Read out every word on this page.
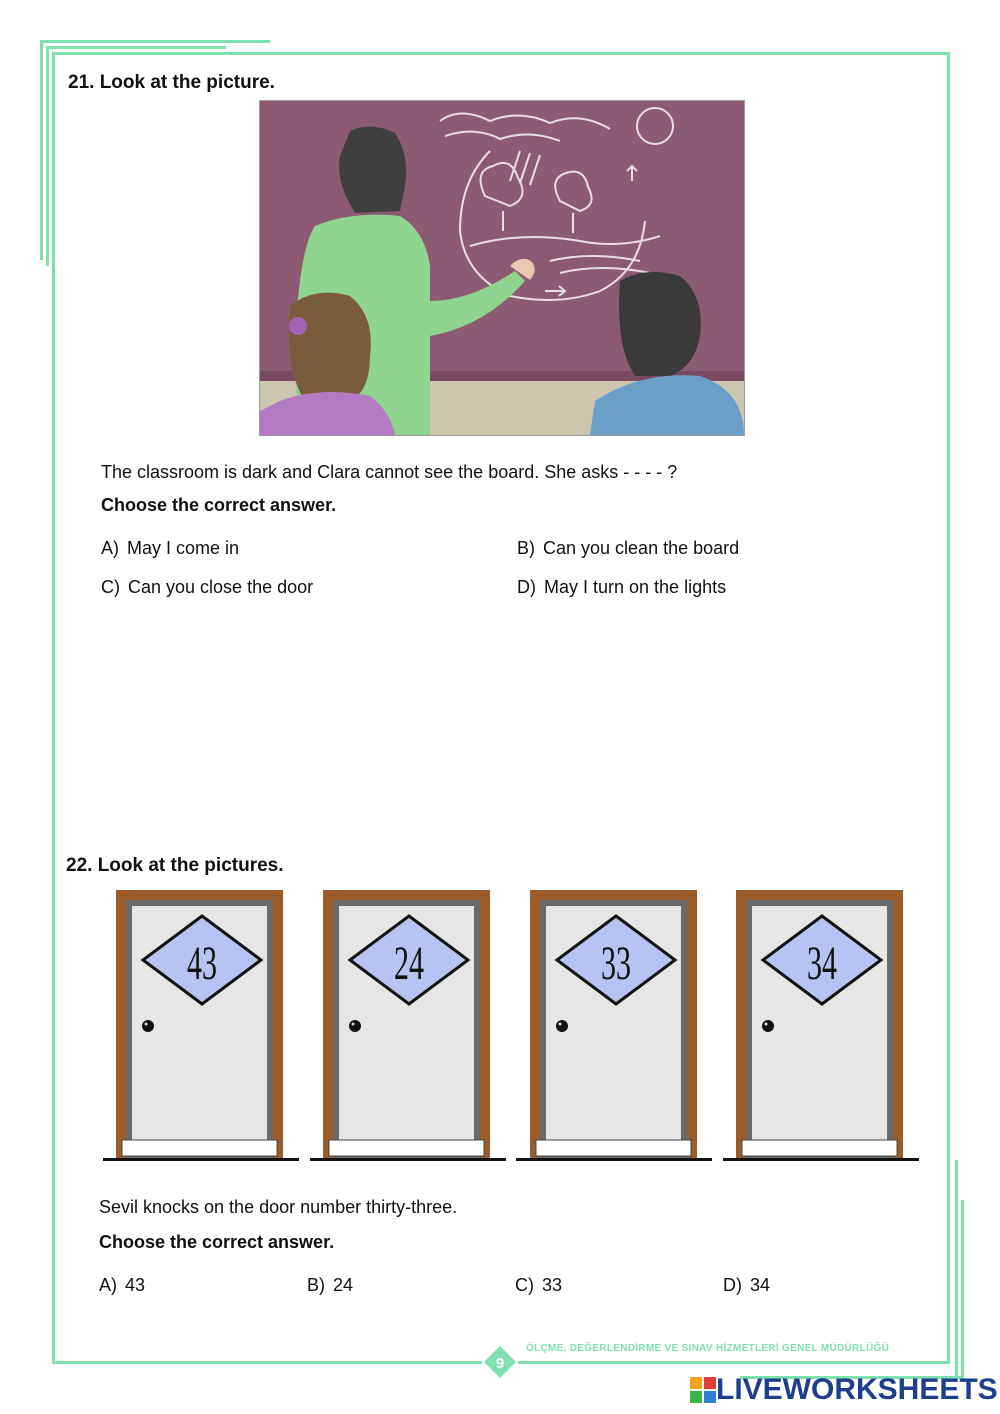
21. Look at the picture.
The classroom is dark and Clara cannot see the board. She asks - - - - ?
Choose the correct answer.
A) May I come in	B) Can you clean the board
C) Can you close the door	D) May I turn on the lights
22. Look at the pictures.
43	24	33	34
Sevil knocks on the door number thirty-three.
Choose the correct answer.
A) 43	B) 24	C) 33	D) 34
9
ÖLÇME, DEĞERLENDİRME VE SINAV HİZMETLERİ GENEL MÜDÜRLÜĞÜ
LIVEWORKSHEETS
